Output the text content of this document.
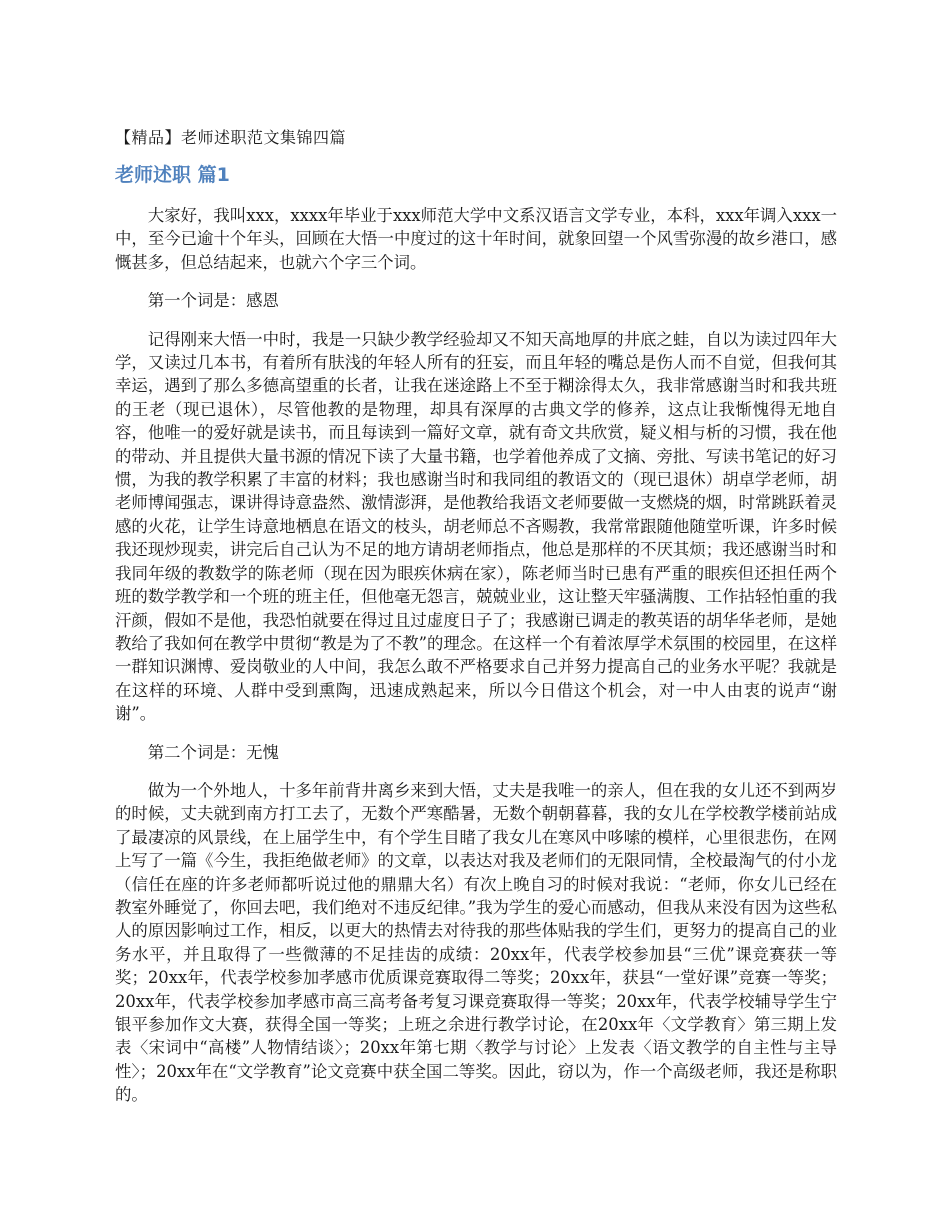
【精品】老师述职范文集锦四篇
老师述职 篇1

大家好，我叫xxx，xxxx年毕业于xxx师范大学中文系汉语言文学专业，本科，xxx年调入xxx一中，至今已逾十个年头，回顾在大悟一中度过的这十年时间，就象回望一个风雪弥漫的故乡港口，感慨甚多，但总结起来，也就六个字三个词。

第一个词是：感恩

记得刚来大悟一中时，我是一只缺少教学经验却又不知天高地厚的井底之蛙，自以为读过四年大学，又读过几本书，有着所有肤浅的年轻人所有的狂妄，而且年轻的嘴总是伤人而不自觉，但我何其幸运，遇到了那么多德高望重的长者，让我在迷途路上不至于糊涂得太久，我非常感谢当时和我共班的王老（现已退休），尽管他教的是物理，却具有深厚的古典文学的修养，这点让我惭愧得无地自容，他唯一的爱好就是读书，而且每读到一篇好文章，就有奇文共欣赏，疑义相与析的习惯，我在他的带动、并且提供大量书源的情况下读了大量书籍，也学着他养成了文摘、旁批、写读书笔记的好习惯，为我的教学积累了丰富的材料；我也感谢当时和我同组的教语文的（现已退休）胡卓学老师，胡老师博闻强志，课讲得诗意盎然、激情澎湃，是他教给我语文老师要做一支燃烧的烟，时常跳跃着灵感的火花，让学生诗意地栖息在语文的枝头，胡老师总不吝赐教，我常常跟随他随堂听课，许多时候我还现炒现卖，讲完后自己认为不足的地方请胡老师指点，他总是那样的不厌其烦；我还感谢当时和我同年级的教数学的陈老师（现在因为眼疾休病在家），陈老师当时已患有严重的眼疾但还担任两个班的数学教学和一个班的班主任，但他毫无怨言，兢兢业业，这让整天牢骚满腹、工作拈轻怕重的我汗颜，假如不是他，我恐怕就要在得过且过虚度日子了；我感谢已调走的教英语的胡华华老师，是她教给了我如何在教学中贯彻“教是为了不教”的理念。在这样一个有着浓厚学术氛围的校园里，在这样一群知识渊博、爱岗敬业的人中间，我怎么敢不严格要求自己并努力提高自己的业务水平呢？我就是在这样的环境、人群中受到熏陶，迅速成熟起来，所以今日借这个机会，对一中人由衷的说声“谢谢”。

第二个词是：无愧

做为一个外地人，十多年前背井离乡来到大悟，丈夫是我唯一的亲人，但在我的女儿还不到两岁的时候，丈夫就到南方打工去了，无数个严寒酷暑，无数个朝朝暮暮，我的女儿在学校教学楼前站成了最凄凉的风景线，在上届学生中，有个学生目睹了我女儿在寒风中哆嗦的模样，心里很悲伤，在网上写了一篇《今生，我拒绝做老师》的文章，以表达对我及老师们的无限同情，全校最淘气的付小龙（信任在座的许多老师都听说过他的鼎鼎大名）有次上晚自习的时候对我说：“老师，你女儿已经在教室外睡觉了，你回去吧，我们绝对不违反纪律。”我为学生的爱心而感动，但我从来没有因为这些私人的原因影响过工作，相反，以更大的热情去对待我的那些体贴我的学生们，更努力的提高自己的业务水平，并且取得了一些微薄的不足挂齿的成绩：20xx年，代表学校参加县“三优”课竞赛获一等奖；20xx年，代表学校参加孝感市优质课竞赛取得二等奖；20xx年，获县“一堂好课”竞赛一等奖；20xx年，代表学校参加孝感市高三高考备考复习课竞赛取得一等奖；20xx年，代表学校辅导学生宁银平参加作文大赛，获得全国一等奖；上班之余进行教学讨论，在20xx年〈文学教育〉第三期上发表〈宋词中“高楼”人物情结谈〉；20xx年第七期〈教学与讨论〉上发表〈语文教学的自主性与主导性〉；20xx年在“文学教育”论文竞赛中获全国二等奖。因此，窃以为，作一个高级老师，我还是称职的。
